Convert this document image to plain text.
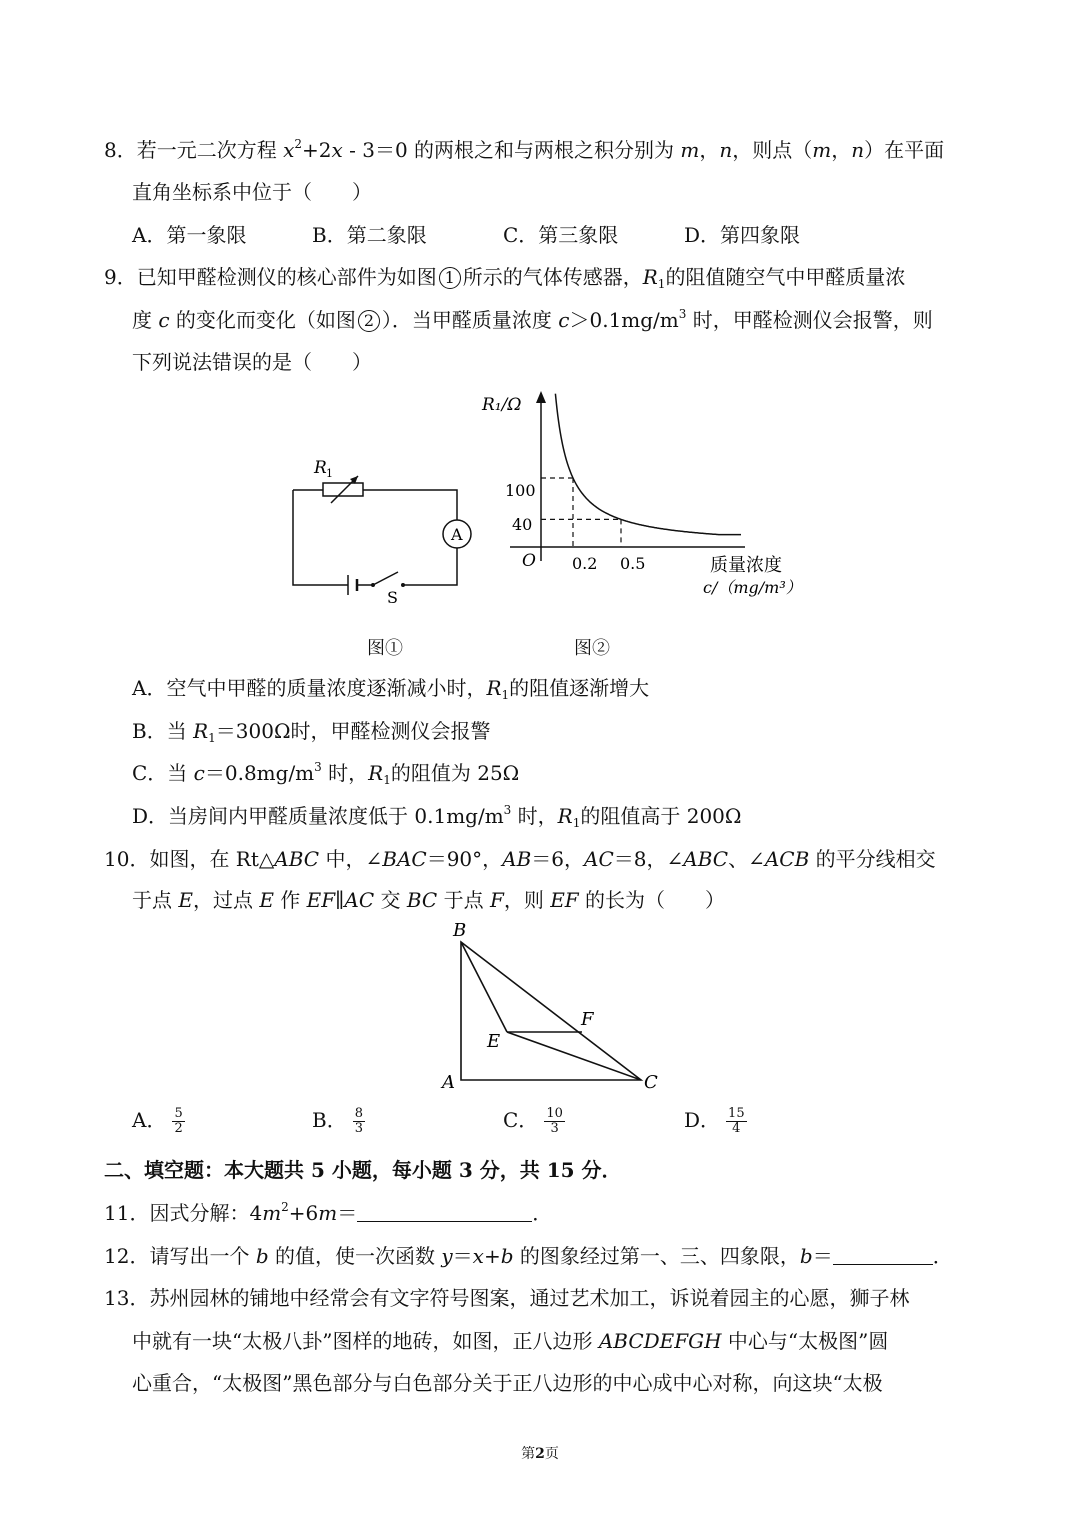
8．若一元二次方程 $x^2+2x - 3=0$ 的两根之和与两根之积分别为 m，n，则点（m，n）在平面
直角坐标系中位于（　　）
A．第一象限	B．第二象限	C．第三象限	D．第四象限
9．已知甲醛检测仪的核心部件为如图 1 所示的气体传感器，$R_1$的阻值随空气中甲醛质量浓
度 c 的变化而变化（如图 2 ）．当甲醛质量浓度 $c>0.1mg/m^3$ 时，甲醛检测仪会报警，则
下列说法错误的是（　　）
R 1
A
S
R₁/Ω
100
40
O 0.2 0.5	质量浓度
c/（mg/m³）
图①	图②
A．空气中甲醛的质量浓度逐渐减小时，$R_1$的阻值逐渐增大
B．当 $R_1=300\Omega$时，甲醛检测仪会报警
C．当 $c=0.8mg/m^3$ 时，$R_1$的阻值为 25Ω
D．当房间内甲醛质量浓度低于 $0.1mg/m^3$ 时，$R_1$的阻值高于 200Ω
10．如图，在 Rt△ABC 中，∠BAC＝90°，AB＝6，AC＝8，∠ABC、∠ACB 的平分线相交
于点 E，过点 E 作 EF∥AC 交 BC 于点 F，则 EF 的长为（　　）
B
A	C
E
F
A． $\frac{5}{2}$	B． $\frac{8}{3}$	C． $\frac{10}{3}$	D． $\frac{15}{4}$
二、填空题：本大题共 5 小题，每小题 3 分，共 15 分．
11．因式分解：$4m^2+6m=$	．
12．请写出一个 b 的值，使一次函数 y＝x+b 的图象经过第一、三、四象限，b＝	．
13．苏州园林的铺地中经常会有文字符号图案，通过艺术加工，诉说着园主的心愿，狮子林
中就有一块“太极八卦”图样的地砖，如图，正八边形 ABCDEFGH 中心与“太极图”圆
心重合，“太极图”黑色部分与白色部分关于正八边形的中心成中心对称，向这块“太极
第2页
